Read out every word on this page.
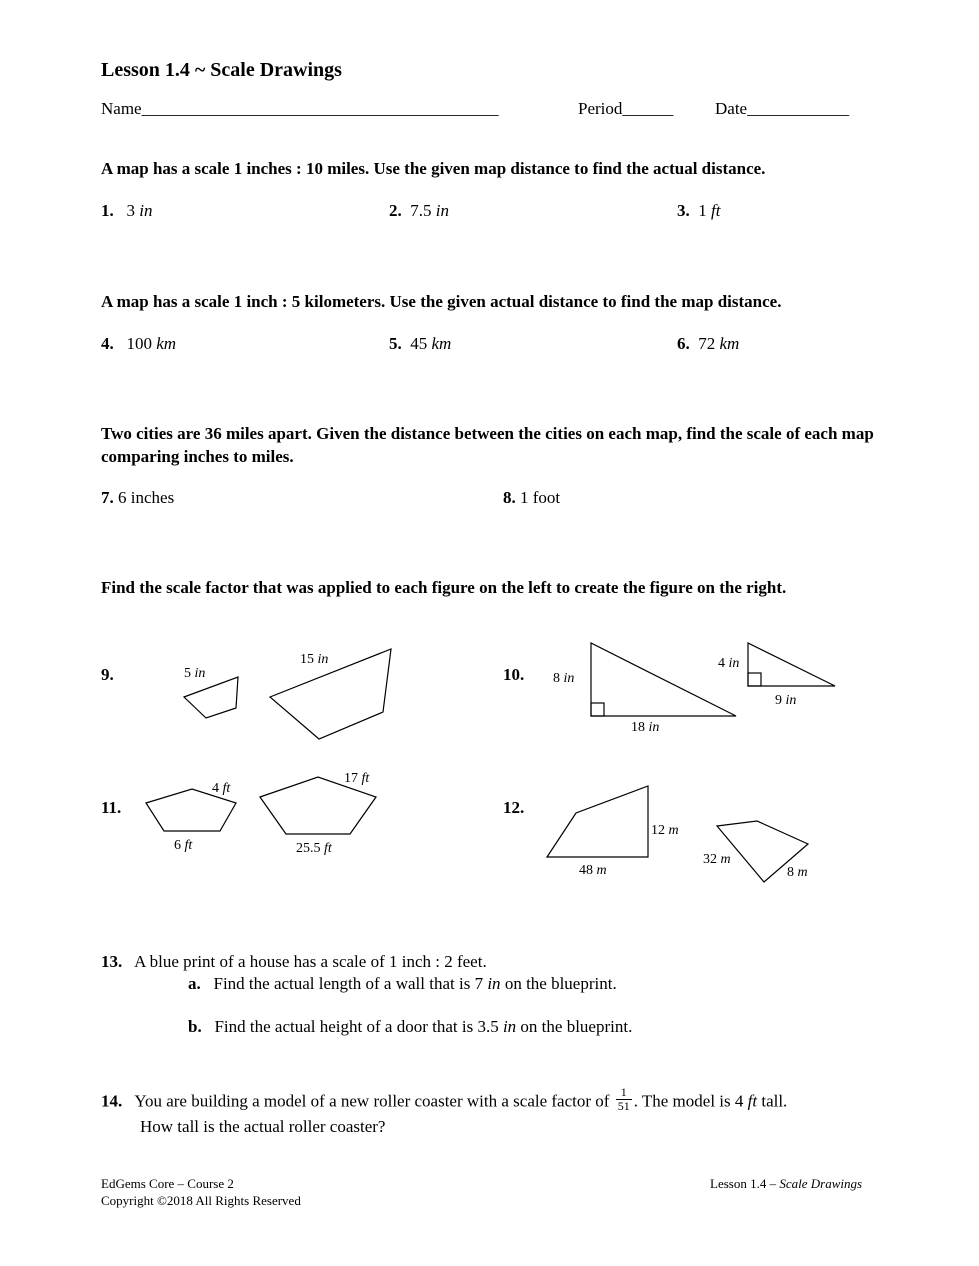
Lesson 1.4 ~ Scale Drawings
Name__________________________________________	Period______ Date____________
A map has a scale 1 inches : 10 miles. Use the given map distance to find the actual distance.
1. 3 in	2. 7.5 in	3. 1 ft
A map has a scale 1 inch : 5 kilometers. Use the given actual distance to find the map distance.
4. 100 km	5. 45 km	6. 72 km
Two cities are 36 miles apart. Given the distance between the cities on each map, find the scale of each map comparing inches to miles.
7. 6 inches	8. 1 foot
Find the scale factor that was applied to each figure on the left to create the figure on the right.
9.	10.
11.	12.
5 in
15 in
8 in
18 in
4 in
9 in
4 ft
6 ft
17 ft
25.5 ft
12 m
48 m
32 m
8 m
13. A blue print of a house has a scale of 1 inch : 2 feet.
a. Find the actual length of a wall that is 7 in on the blueprint.
b. Find the actual height of a door that is 3.5 in on the blueprint.
14. You are building a model of a new roller coaster with a scale factor of $\frac{1}{51}$ . The model is 4 ft tall.
How tall is the actual roller coaster?
EdGems Core – Course 2
Copyright ©2018 All Rights Reserved
Lesson 1.4 – Scale Drawings
